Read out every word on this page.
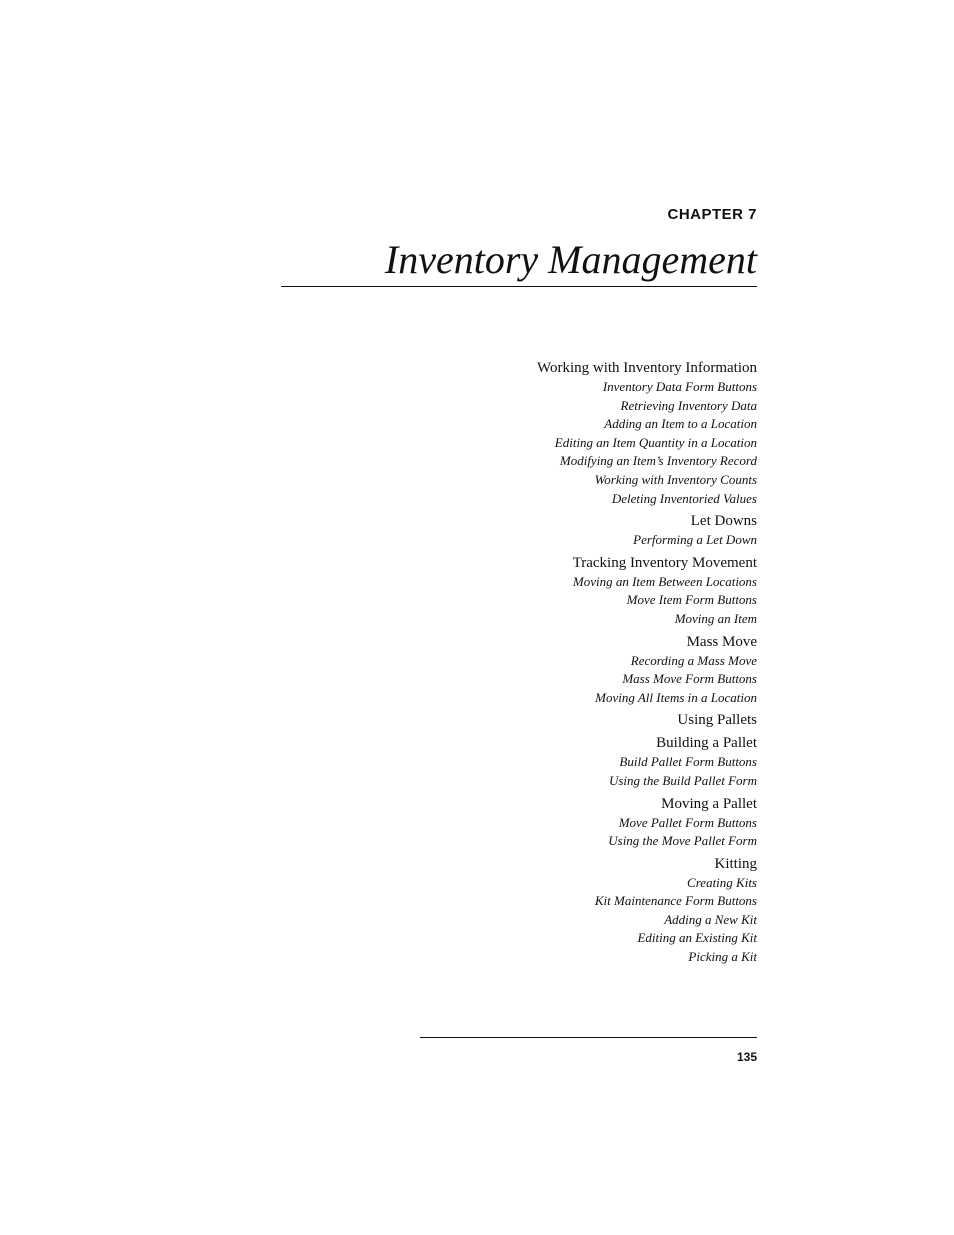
CHAPTER 7

Inventory Management
Working with Inventory Information
Inventory Data Form Buttons
Retrieving Inventory Data
Adding an Item to a Location
Editing an Item Quantity in a Location
Modifying an Item’s Inventory Record
Working with Inventory Counts
Deleting Inventoried Values
Let Downs
Performing a Let Down
Tracking Inventory Movement
Moving an Item Between Locations
Move Item Form Buttons
Moving an Item
Mass Move
Recording a Mass Move
Mass Move Form Buttons
Moving All Items in a Location
Using Pallets
Building a Pallet
Build Pallet Form Buttons
Using the Build Pallet Form
Moving a Pallet
Move Pallet Form Buttons
Using the Move Pallet Form
Kitting
Creating Kits
Kit Maintenance Form Buttons
Adding a New Kit
Editing an Existing Kit
Picking a Kit

135
